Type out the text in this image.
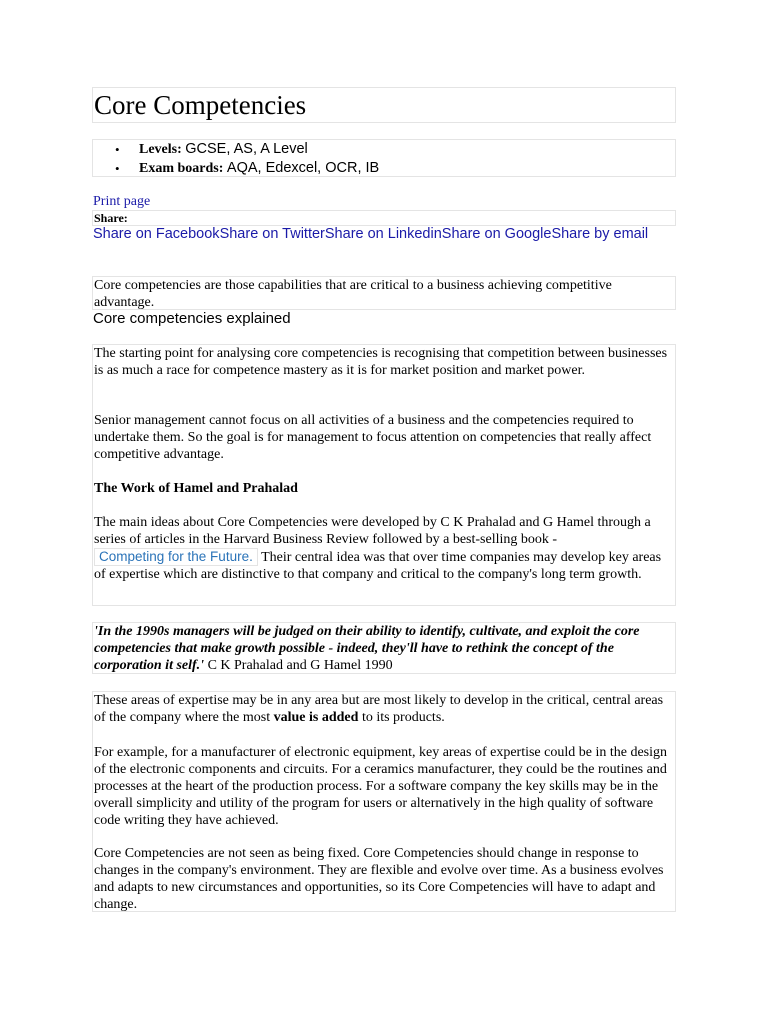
Core Competencies
• Levels: GCSE, AS, A Level
• Exam boards: AQA, Edexcel, OCR, IB
Print page
Share:
Share on FacebookShare on TwitterShare on LinkedinShare on GoogleShare by email

Core competencies are those capabilities that are critical to a business achieving competitive advantage.

Core competencies explained

The starting point for analysing core competencies is recognising that competition between businesses is as much a race for competence mastery as it is for market position and market power.

Senior management cannot focus on all activities of a business and the competencies required to undertake them. So the goal is for management to focus attention on competencies that really affect competitive advantage.

The Work of Hamel and Prahalad

The main ideas about Core Competencies were developed by C K Prahalad and G Hamel through a series of articles in the Harvard Business Review followed by a best-selling book - Competing for the Future. Their central idea was that over time companies may develop key areas of expertise which are distinctive to that company and critical to the company's long term growth.

'In the 1990s managers will be judged on their ability to identify, cultivate, and exploit the core competencies that make growth possible - indeed, they'll have to rethink the concept of the corporation it self.' C K Prahalad and G Hamel 1990

These areas of expertise may be in any area but are most likely to develop in the critical, central areas of the company where the most value is added to its products.

For example, for a manufacturer of electronic equipment, key areas of expertise could be in the design of the electronic components and circuits. For a ceramics manufacturer, they could be the routines and processes at the heart of the production process. For a software company the key skills may be in the overall simplicity and utility of the program for users or alternatively in the high quality of software code writing they have achieved.

Core Competencies are not seen as being fixed. Core Competencies should change in response to changes in the company's environment. They are flexible and evolve over time. As a business evolves and adapts to new circumstances and opportunities, so its Core Competencies will have to adapt and change.
